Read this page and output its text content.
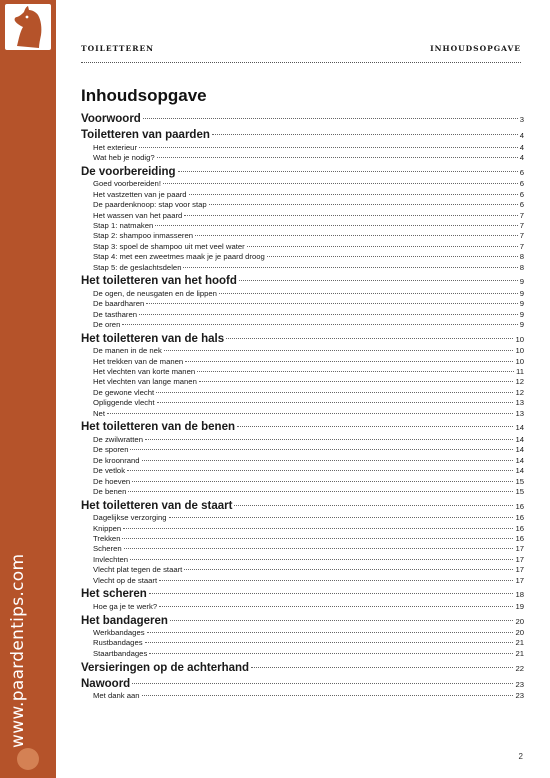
www.paardentips.com
TOILETTEREN	INHOUDSOPGAVE
Inhoudsopgave
Voorwoord	3
Toiletteren van paarden	4
Het exterieur	4
Wat heb je nodig?	4
De voorbereiding	6
Goed voorbereiden!	6
Het vastzetten van je paard	6
De paardenknoop: stap voor stap	6
Het wassen van het paard	7
Stap 1: natmaken	7
Stap 2: shampoo inmasseren	7
Stap 3: spoel de shampoo uit met veel water	7
Stap 4: met een zweetmes maak je je paard droog	8
Stap 5: de geslachtsdelen	8
Het toiletteren van het hoofd	9
De ogen, de neusgaten en de lippen	9
De baardharen	9
De tastharen	9
De oren	9
Het toiletteren van de hals	10
De manen in de nek	10
Het trekken van de manen	10
Het vlechten van korte manen	11
Het vlechten van lange manen	12
De gewone vlecht	12
Opliggende vlecht	13
Net	13
Het toiletteren van de benen	14
De zwilwratten	14
De sporen	14
De kroonrand	14
De vetlok	14
De hoeven	15
De benen	15
Het toiletteren van de staart	16
Dagelijkse verzorging	16
Knippen	16
Trekken	16
Scheren	17
Invlechten	17
Vlecht plat tegen de staart	17
Vlecht op de staart	17
Het scheren	18
Hoe ga je te werk?	19
Het bandageren	20
Werkbandages	20
Rustbandages	21
Staartbandages	21
Versieringen op de achterhand	22
Nawoord	23
Met dank aan	23
2
